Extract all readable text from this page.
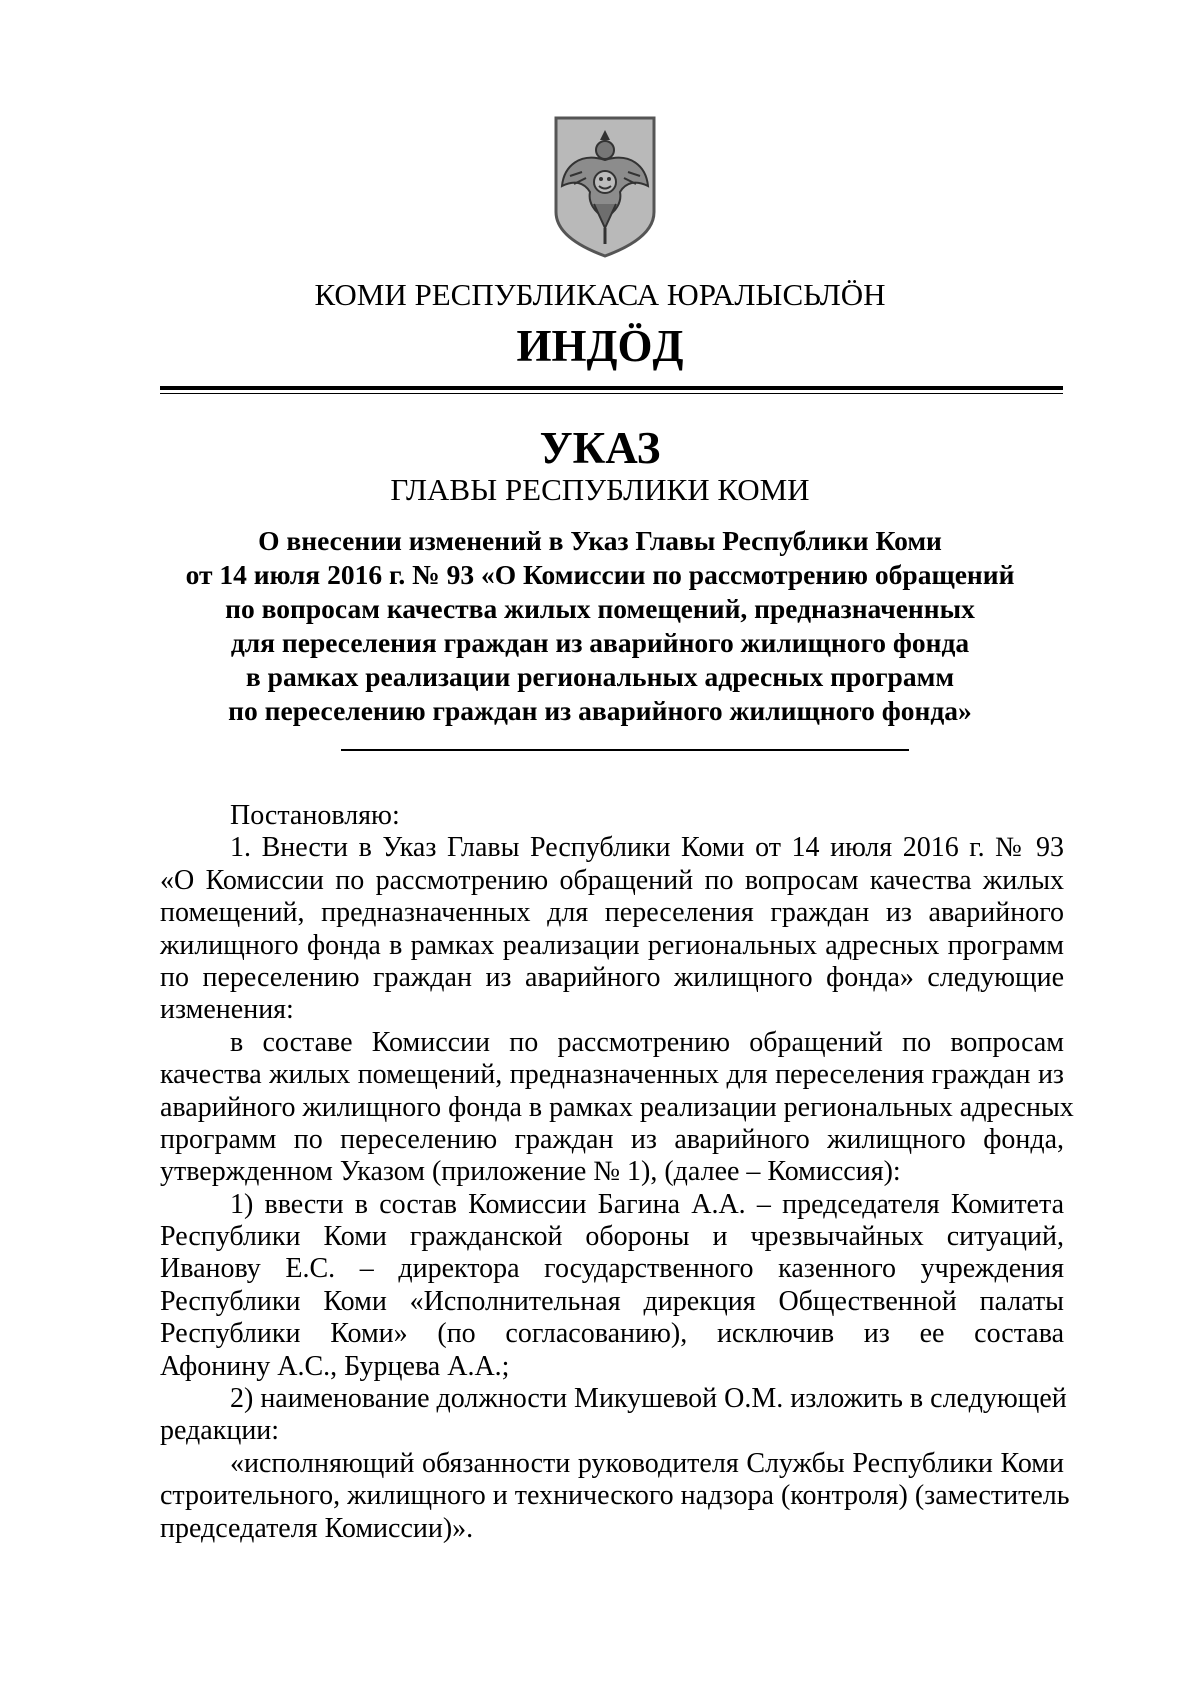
КОМИ РЕСПУБЛИКАСА ЮРАЛЫСЬЛӦН
ИНДӦД
УКАЗ
ГЛАВЫ РЕСПУБЛИКИ КОМИ
О внесении изменений в Указ Главы Республики Коми
от 14 июля 2016 г. № 93 «О Комиссии по рассмотрению обращений
по вопросам качества жилых помещений, предназначенных
для переселения граждан из аварийного жилищного фонда
в рамках реализации региональных адресных программ
по переселению граждан из аварийного жилищного фонда»
Постановляю:
1. Внести в Указ Главы Республики Коми от 14 июля 2016 г. № 93
«О Комиссии по рассмотрению обращений по вопросам качества жилых
помещений, предназначенных для переселения граждан из аварийного
жилищного фонда в рамках реализации региональных адресных программ
по переселению граждан из аварийного жилищного фонда» следующие
изменения:
в составе Комиссии по рассмотрению обращений по вопросам
качества жилых помещений, предназначенных для переселения граждан из
аварийного жилищного фонда в рамках реализации региональных адресных
программ по переселению граждан из аварийного жилищного фонда,
утвержденном Указом (приложение № 1), (далее – Комиссия):
1) ввести в состав Комиссии Багина А.А. – председателя Комитета
Республики Коми гражданской обороны и чрезвычайных ситуаций,
Иванову Е.С. – директора государственного казенного учреждения
Республики Коми «Исполнительная дирекция Общественной палаты
Республики Коми» (по согласованию), исключив из ее состава
Афонину А.С., Бурцева А.А.;
2) наименование должности Микушевой О.М. изложить в следующей
редакции:
«исполняющий обязанности руководителя Службы Республики Коми
строительного, жилищного и технического надзора (контроля) (заместитель
председателя Комиссии)».
